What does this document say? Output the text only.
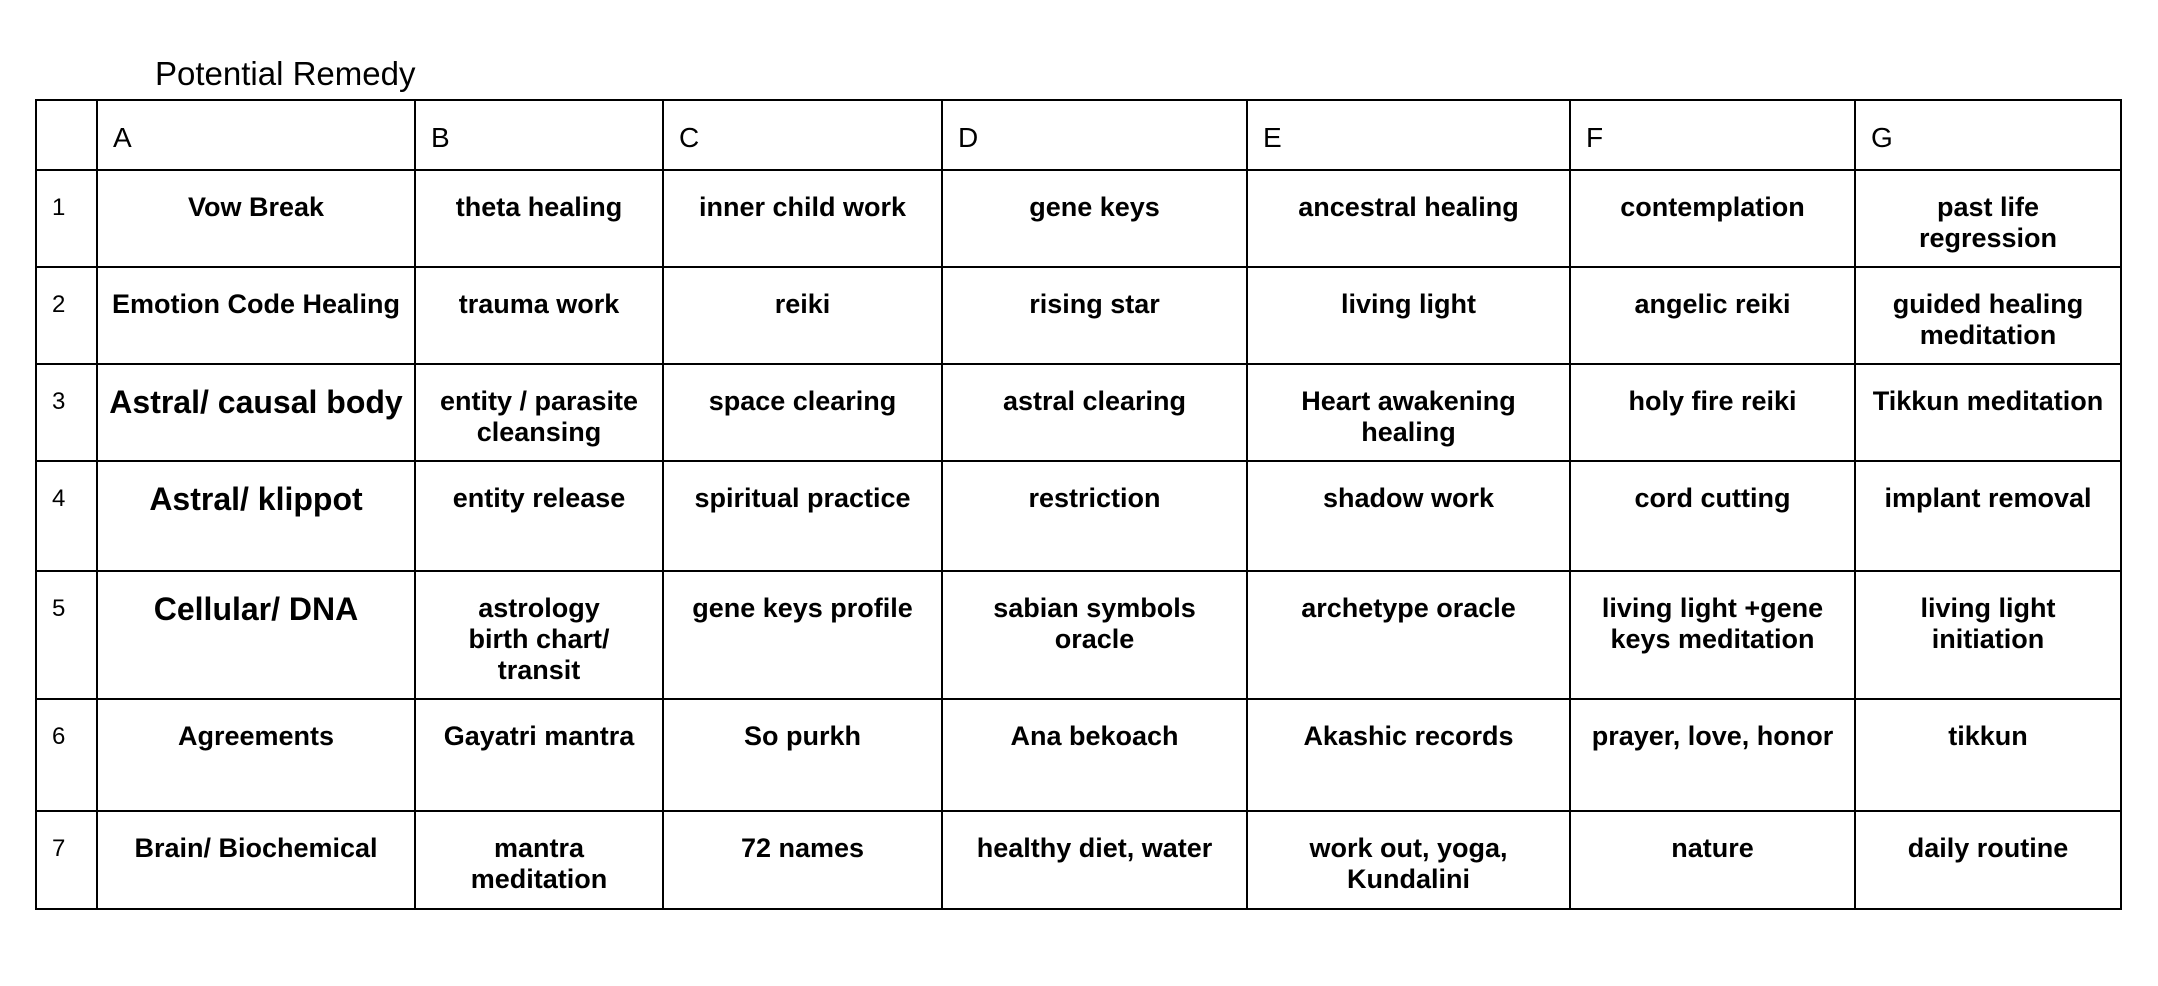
Potential Remedy
	A	B	C	D	E	F	G
1	Vow Break	theta healing	inner child work	gene keys	ancestral healing	contemplation	past life regression
2	Emotion Code Healing	trauma work	reiki	rising star	living light	angelic reiki	guided healing meditation
3	Astral/ causal body	entity / parasite cleansing	space clearing	astral clearing	Heart awakening healing	holy fire reiki	Tikkun meditation
4	Astral/ klippot	entity release	spiritual practice	restriction	shadow work	cord cutting	implant removal
5	Cellular/ DNA	astrology birth chart/ transit	gene keys profile	sabian symbols oracle	archetype oracle	living light +gene keys meditation	living light initiation
6	Agreements	Gayatri mantra	So purkh	Ana bekoach	Akashic records	prayer, love, honor	tikkun
7	Brain/ Biochemical	mantra meditation	72 names	healthy diet, water	work out, yoga, Kundalini	nature	daily routine
